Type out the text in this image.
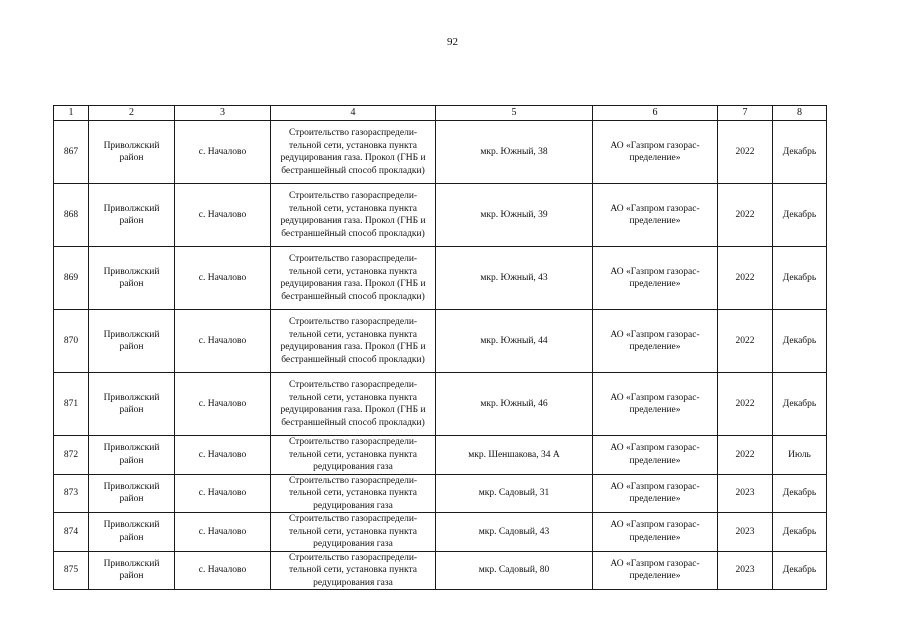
92
1	2	3	4	5	6	7	8
867	Приволжский район	с. Началово	Строительство газораспредели-тельной сети, установка пункта редуцирования газа. Прокол (ГНБ и бестраншейный способ прокладки)	мкр. Южный, 38	АО «Газпром газорас-пределение»	2022	Декабрь
868	Приволжский район	с. Началово	Строительство газораспредели-тельной сети, установка пункта редуцирования газа. Прокол (ГНБ и бестраншейный способ прокладки)	мкр. Южный, 39	АО «Газпром газорас-пределение»	2022	Декабрь
869	Приволжский район	с. Началово	Строительство газораспредели-тельной сети, установка пункта редуцирования газа. Прокол (ГНБ и бестраншейный способ прокладки)	мкр. Южный, 43	АО «Газпром газорас-пределение»	2022	Декабрь
870	Приволжский район	с. Началово	Строительство газораспредели-тельной сети, установка пункта редуцирования газа. Прокол (ГНБ и бестраншейный способ прокладки)	мкр. Южный, 44	АО «Газпром газорас-пределение»	2022	Декабрь
871	Приволжский район	с. Началово	Строительство газораспредели-тельной сети, установка пункта редуцирования газа. Прокол (ГНБ и бестраншейный способ прокладки)	мкр. Южный, 46	АО «Газпром газорас-пределение»	2022	Декабрь
872	Приволжский район	с. Началово	Строительство газораспредели-тельной сети, установка пункта редуцирования газа	мкр. Шеншакова, 34 А	АО «Газпром газорас-пределение»	2022	Июль
873	Приволжский район	с. Началово	Строительство газораспредели-тельной сети, установка пункта редуцирования газа	мкр. Садовый, 31	АО «Газпром газорас-пределение»	2023	Декабрь
874	Приволжский район	с. Началово	Строительство газораспредели-тельной сети, установка пункта редуцирования газа	мкр. Садовый, 43	АО «Газпром газорас-пределение»	2023	Декабрь
875	Приволжский район	с. Началово	Строительство газораспредели-тельной сети, установка пункта редуцирования газа	мкр. Садовый, 80	АО «Газпром газорас-пределение»	2023	Декабрь
